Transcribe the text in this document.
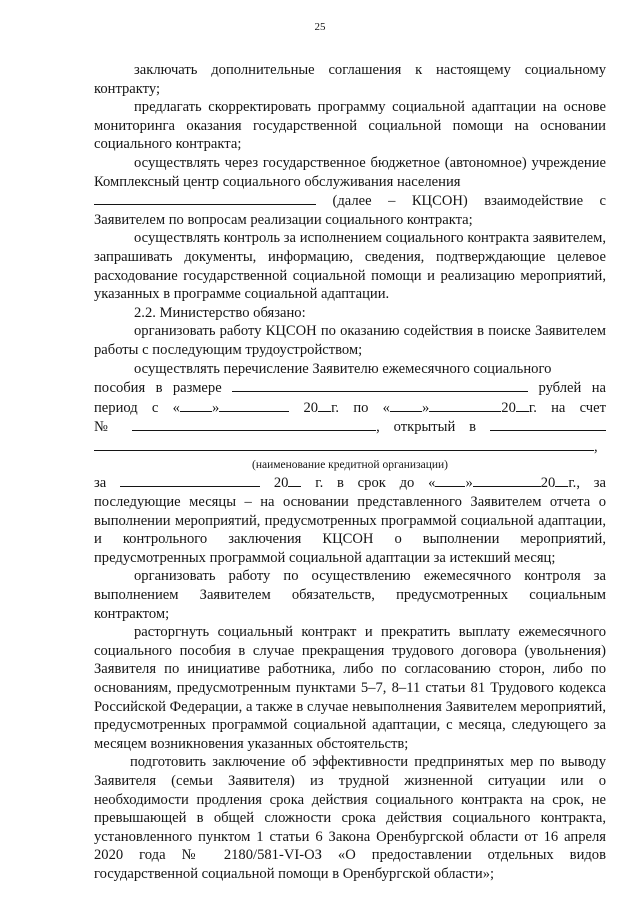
25

заключать дополнительные соглашения к настоящему социальному контракту;

предлагать скорректировать программу социальной адаптации на основе мониторинга оказания государственной социальной помощи на основании социального контракта;

осуществлять через государственное бюджетное (автономное) учреждение Комплексный центр социального обслуживания населения

(далее – КЦСОН) взаимодействие с

Заявителем по вопросам реализации социального контракта;

осуществлять контроль за исполнением социального контракта заявителем, запрашивать документы, информацию, сведения, подтверждающие целевое расходование государственной социальной помощи и реализацию мероприятий, указанных в программе социальной адаптации.

2.2. Министерство обязано:

организовать работу КЦСОН по оказанию содействия в поиске Заявителем работы с последующим трудоустройством;

осуществлять перечисление Заявителю ежемесячного социального

пособия в размере	рублей на

период с « »	20 г. по « »	20 г. на счет

№	, открытый в

,

(наименование кредитной организации)

за	20 г. в срок до « »	20 г., за

последующие месяцы – на основании представленного Заявителем отчета о выполнении мероприятий, предусмотренных программой социальной адаптации, и контрольного заключения КЦСОН о выполнении мероприятий, предусмотренных программой социальной адаптации за истекший месяц;

организовать работу по осуществлению ежемесячного контроля за выполнением Заявителем обязательств, предусмотренных социальным контрактом;

расторгнуть социальный контракт и прекратить выплату ежемесячного социального пособия в случае прекращения трудового договора (увольнения) Заявителя по инициативе работника, либо по согласованию сторон, либо по основаниям, предусмотренным пунктами 5–7, 8–11 статьи 81 Трудового кодекса Российской Федерации, а также в случае невыполнения Заявителем мероприятий, предусмотренных программой социальной адаптации, с месяца, следующего за месяцем возникновения указанных обстоятельств;

подготовить заключение об эффективности предпринятых мер по выводу Заявителя (семьи Заявителя) из трудной жизненной ситуации или о необходимости продления срока действия социального контракта на срок, не превышающей в общей сложности срока действия социального контракта, установленного пунктом 1 статьи 6 Закона Оренбургской области от 16 апреля 2020 года № 2180/581-VI-ОЗ «О предоставлении отдельных видов государственной социальной помощи в Оренбургской области»;
